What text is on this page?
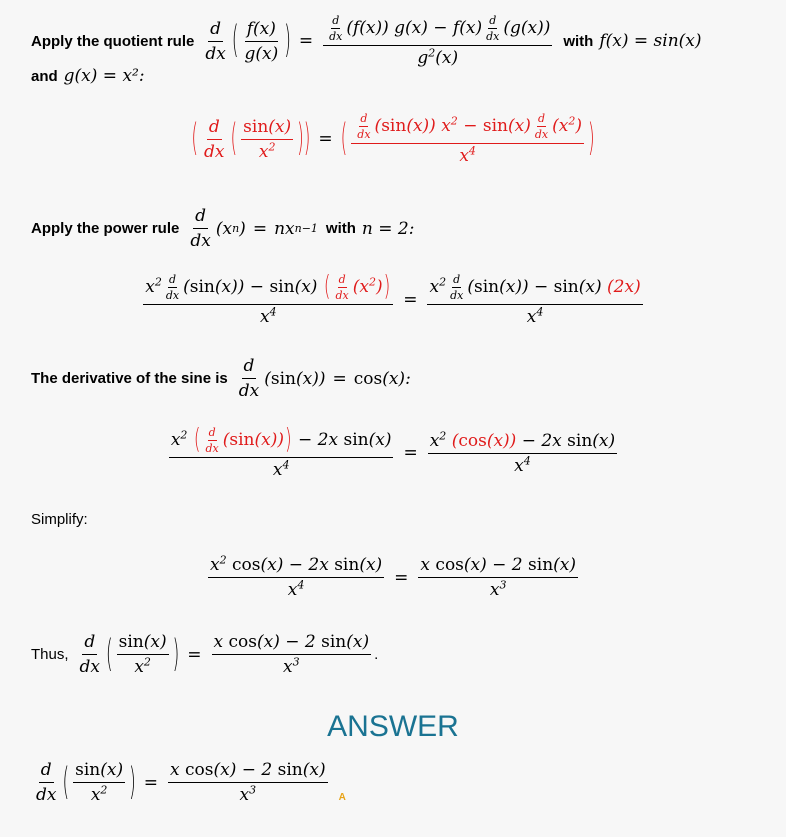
Apply the quotient rule $\frac{d}{dx}$ ( $\frac{f(x)}{g(x)}$ ) = $\frac{\frac{d}{dx} (f(x)) g(x) - f(x) \frac{d}{dx} (g(x))}{g^2(x)}$ with f(x) = sin(x)
and g(x) = x²:
( $\frac{d}{dx}$ ( $\frac{\sin(x)}{x^2}$ )) = ( $\frac{\frac{d}{dx} (\sin(x)) x^2 - \sin(x) \frac{d}{dx} (x^2)}{x^4}$ )
Apply the power rule $\frac{d}{dx} (x$ n ) = nx n−1 with n = 2:
$\frac{x^2 \frac{d}{dx} (\sin(x)) - \sin(x) ( \frac{d}{dx} (x^2))}{x^4} = \frac{x^2 \frac{d}{dx} (\sin(x)) - \sin(x) (2x)}{x^4}$
The derivative of the sine is $\frac{d}{dx}$ ( sin (x)) = cos (x) :
$\frac{x^2 ( \frac{d}{dx} (\sin(x))) - 2x \sin(x)}{x^4} = \frac{x^2 (\cos(x)) - 2x \sin(x)}{x^4}$
Simplify:
$\frac{x^2 \cos(x) - 2x \sin(x)}{x^4} = \frac{\text{x cos(x) − 2 sin(x)}}{x^3}$
Thus, $\frac{d}{dx}$ ( $\frac{\sin(x)}{x^2}$ ) = $\frac{\text{x cos(x) − 2 sin(x)}}{x^3}$ .
ANSWER
$\frac{d}{dx}$ ( $\frac{\sin(x)}{x^2}$ ) = $\frac{\text{x cos(x) − 2 sin(x)}}{x^3}$ A
